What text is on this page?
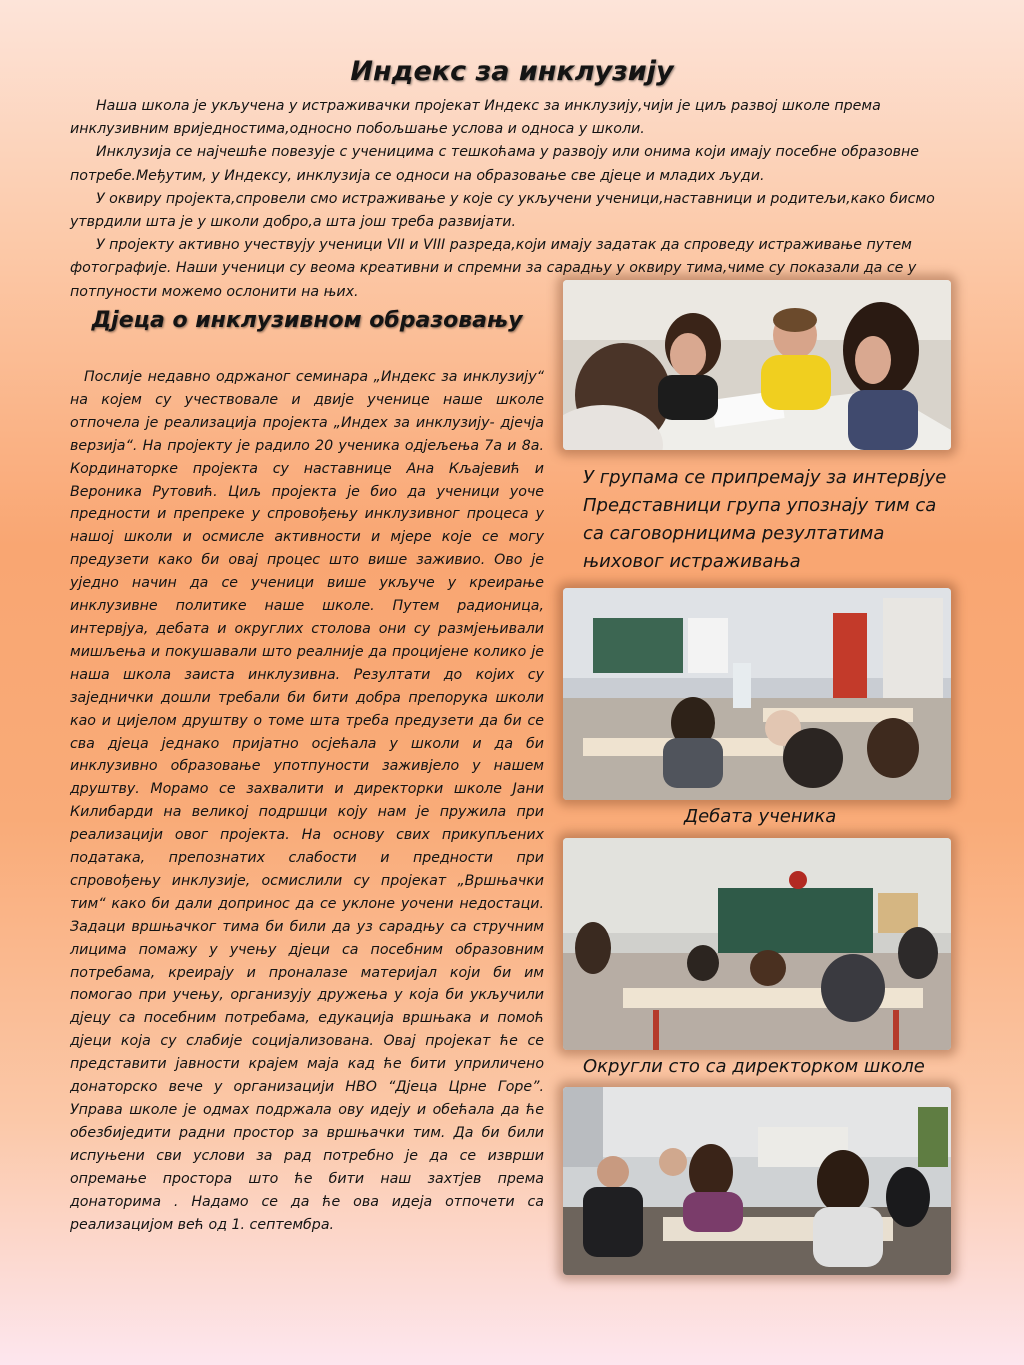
Индекс за инклузију

Наша школа је укључена у истраживачки пројекат Индекс за инклузију,чији је циљ развој школе према инклузивним вриједностима,односно побољшање услова и односа у школи.

Инклузија се најчешће повезује с ученицима с тешкоћама у развоју или онима који имају посебне образовне потребе.Међутим, у Индексу, инклузија се односи на образовање све дјеце и младих људи.

У оквиру пројекта,спровели смо истраживање у које су укључени ученици,наставници и родитељи,како бисмо утврдили шта је у школи добро,а шта још треба развијати.

У пројекту активно учествују ученици VII и VIII разреда,који имају задатак да спроведу истраживање путем фотографије. Наши ученици су веома креативни и спремни за сарадњу у оквиру тима,чиме су показали да се у потпуности можемо ослонити на њих.

Дјеца о инклузивном образовању

Послије недавно одржаног семинара „Индекс за инклузију“ на којем су учествовале и двије ученице наше школе отпочела је реализација пројекта „Индех за инклузију- дјечја верзија“. На пројекту је радило 20 ученика одјељења 7а и 8а. Кординаторке пројекта су наставнице Ана Кљајевић и Вероника Рутовић. Циљ пројекта је био да ученици уоче предности и препреке у спровођењу инклузивног процеса у нашој школи и осмисле активности и мјере које се могу предузети како би овај процес што више заживио. Ово је уједно начин да се ученици више укључе у креирање инклузивне политике наше школе. Путем радионица, интервјуа, дебата и округлих столова они су размјењивали мишљења и покушавали што реалније да процијене колико је наша школа заиста инклузивна. Резултати до којих су заједнички дошли требали би бити добра препорука школи као и цијелом друштву о томе шта треба предузети да би се сва дјеца једнако пријатно осјећала у школи и да би инклузивно образовање употпуности заживјело у нашем друштву. Морамо се захвалити и директорки школе Јани Килибарди на великој подршци коју нам је пружила при реализацији овог пројекта. На основу свих прикупљених података, препознатих слабости и предности при спровођењу инклузије, осмислили су пројекат „Вршњачки тим“ како би дали допринос да се уклоне уочени недостаци. Задаци вршњачког тима би били да уз сарадњу са стручним лицима помажу у учењу дјеци са посебним образовним потребама, креирају и проналазе материјал који би им помогао при учењу, организују дружења у која би укључили дјецу са посебним потребама, едукација вршњака и помоћ дјеци која су слабије социјализована. Овај пројекат ће се представити јавности крајем маја кад ће бити уприличено донаторско вече у организацији НВО “Дјеца Црне Горе”. Управа школе је одмах подржала ову идеју и обећала да ће обезбиједити радни простор за вршњачки тим. Да би били испуњени сви услови за рад потребно је да се изврши опремање простора што ће бити наш захтјев према донаторима . Надамо се да ће ова идеја отпочети са реализацијом већ од 1. септембра.

У групама се припремају за интервјуе
Представници група упознају тим са
са саговорницима резултатима
њиховог истраживања
Дебата ученика
Округли сто са директорком школе
